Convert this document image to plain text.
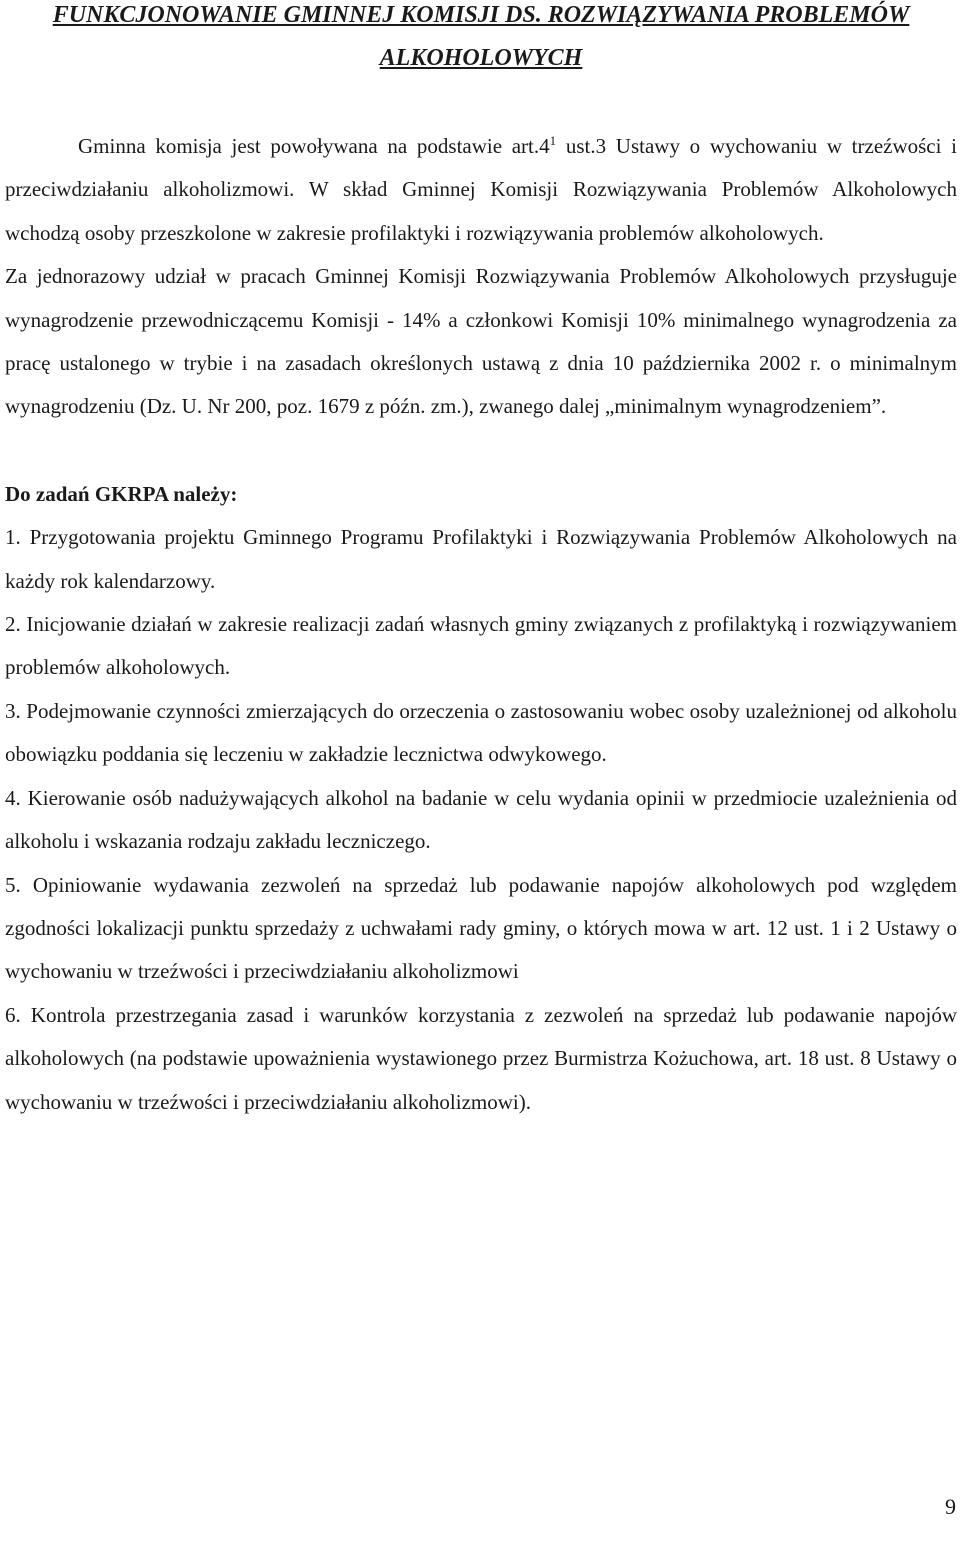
FUNKCJONOWANIE GMINNEJ KOMISJI DS. ROZWIĄZYWANIA PROBLEMÓW
ALKOHOLOWYCH

Gminna komisja jest powoływana na podstawie $art.4^1$ ust.3 Ustawy o wychowaniu w trzeźwości i przeciwdziałaniu alkoholizmowi. W skład Gminnej Komisji Rozwiązywania Problemów Alkoholowych wchodzą osoby przeszkolone w zakresie profilaktyki i rozwiązywania problemów alkoholowych.

Za jednorazowy udział w pracach Gminnej Komisji Rozwiązywania Problemów Alkoholowych przysługuje wynagrodzenie przewodniczącemu Komisji - 14% a członkowi Komisji 10% minimalnego wynagrodzenia za pracę ustalonego w trybie i na zasadach określonych ustawą z dnia 10 października 2002 r. o minimalnym wynagrodzeniu (Dz. U. Nr 200, poz. 1679 z późn. zm.), zwanego dalej „minimalnym wynagrodzeniem”.

Do zadań GKRPA należy:

1. Przygotowania projektu Gminnego Programu Profilaktyki i Rozwiązywania Problemów Alkoholowych na każdy rok kalendarzowy.

2. Inicjowanie działań w zakresie realizacji zadań własnych gminy związanych z profilaktyką i rozwiązywaniem problemów alkoholowych.

3. Podejmowanie czynności zmierzających do orzeczenia o zastosowaniu wobec osoby uzależnionej od alkoholu obowiązku poddania się leczeniu w zakładzie lecznictwa odwykowego.

4. Kierowanie osób nadużywających alkohol na badanie w celu wydania opinii w przedmiocie uzależnienia od alkoholu i wskazania rodzaju zakładu leczniczego.

5. Opiniowanie wydawania zezwoleń na sprzedaż lub podawanie napojów alkoholowych pod względem zgodności lokalizacji punktu sprzedaży z uchwałami rady gminy, o których mowa w art. 12 ust. 1 i 2 Ustawy o wychowaniu w trzeźwości i przeciwdziałaniu alkoholizmowi

6. Kontrola przestrzegania zasad i warunków korzystania z zezwoleń na sprzedaż lub podawanie napojów alkoholowych (na podstawie upoważnienia wystawionego przez Burmistrza Kożuchowa, art. 18 ust. 8 Ustawy o wychowaniu w trzeźwości i przeciwdziałaniu alkoholizmowi).

9
